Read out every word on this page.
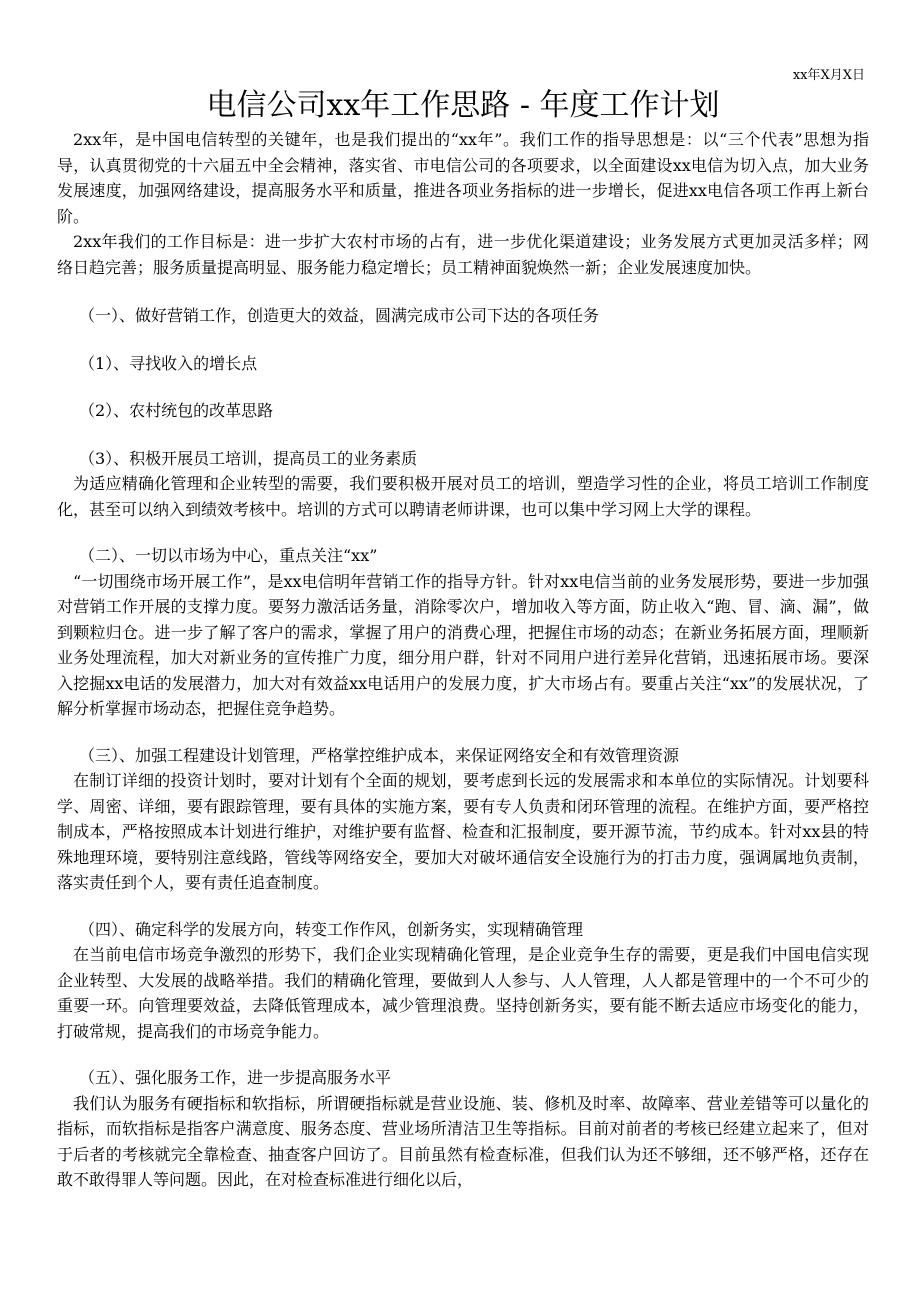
xx年X月X日
电信公司xx年工作思路 - 年度工作计划

2xx年，是中国电信转型的关键年，也是我们提出的“xx年”。我们工作的指导思想是：以“三个代表”思想为指导，认真贯彻党的十六届五中全会精神，落实省、市电信公司的各项要求，以全面建设xx电信为切入点，加大业务发展速度，加强网络建设，提高服务水平和质量，推进各项业务指标的进一步增长，促进xx电信各项工作再上新台阶。

2xx年我们的工作目标是：进一步扩大农村市场的占有，进一步优化渠道建设；业务发展方式更加灵活多样；网络日趋完善；服务质量提高明显、服务能力稳定增长；员工精神面貌焕然一新；企业发展速度加快。

（一）、做好营销工作，创造更大的效益，圆满完成市公司下达的各项任务

（1）、寻找收入的增长点

（2）、农村统包的改革思路

（3）、积极开展员工培训，提高员工的业务素质

为适应精确化管理和企业转型的需要，我们要积极开展对员工的培训，塑造学习性的企业，将员工培训工作制度化，甚至可以纳入到绩效考核中。培训的方式可以聘请老师讲课，也可以集中学习网上大学的课程。

（二）、一切以市场为中心，重点关注“xx”

“一切围绕市场开展工作”，是xx电信明年营销工作的指导方针。针对xx电信当前的业务发展形势，要进一步加强对营销工作开展的支撑力度。要努力激活话务量，消除零次户，增加收入等方面，防止收入“跑、冒、滴、漏”，做到颗粒归仓。进一步了解了客户的需求，掌握了用户的消费心理，把握住市场的动态；在新业务拓展方面，理顺新业务处理流程，加大对新业务的宣传推广力度，细分用户群，针对不同用户进行差异化营销，迅速拓展市场。要深入挖掘xx电话的发展潜力，加大对有效益xx电话用户的发展力度，扩大市场占有。要重占关注“xx”的发展状况，了解分析掌握市场动态，把握住竞争趋势。

（三）、加强工程建设计划管理，严格掌控维护成本，来保证网络安全和有效管理资源

在制订详细的投资计划时，要对计划有个全面的规划，要考虑到长远的发展需求和本单位的实际情况。计划要科学、周密、详细，要有跟踪管理，要有具体的实施方案，要有专人负责和闭环管理的流程。在维护方面，要严格控制成本，严格按照成本计划进行维护，对维护要有监督、检查和汇报制度，要开源节流，节约成本。针对xx县的特殊地理环境，要特别注意线路，管线等网络安全，要加大对破坏通信安全设施行为的打击力度，强调属地负责制，落实责任到个人，要有责任追查制度。

（四）、确定科学的发展方向，转变工作作风，创新务实，实现精确管理

在当前电信市场竞争激烈的形势下，我们企业实现精确化管理，是企业竞争生存的需要，更是我们中国电信实现企业转型、大发展的战略举措。我们的精确化管理，要做到人人参与、人人管理，人人都是管理中的一个不可少的重要一环。向管理要效益，去降低管理成本，减少管理浪费。坚持创新务实，要有能不断去适应市场变化的能力，打破常规，提高我们的市场竞争能力。

（五）、强化服务工作，进一步提高服务水平

我们认为服务有硬指标和软指标，所谓硬指标就是营业设施、装、修机及时率、故障率、营业差错等可以量化的指标，而软指标是指客户满意度、服务态度、营业场所清洁卫生等指标。目前对前者的考核已经建立起来了，但对于后者的考核就完全靠检查、抽查客户回访了。目前虽然有检查标准，但我们认为还不够细，还不够严格，还存在敢不敢得罪人等问题。因此，在对检查标准进行细化以后，
